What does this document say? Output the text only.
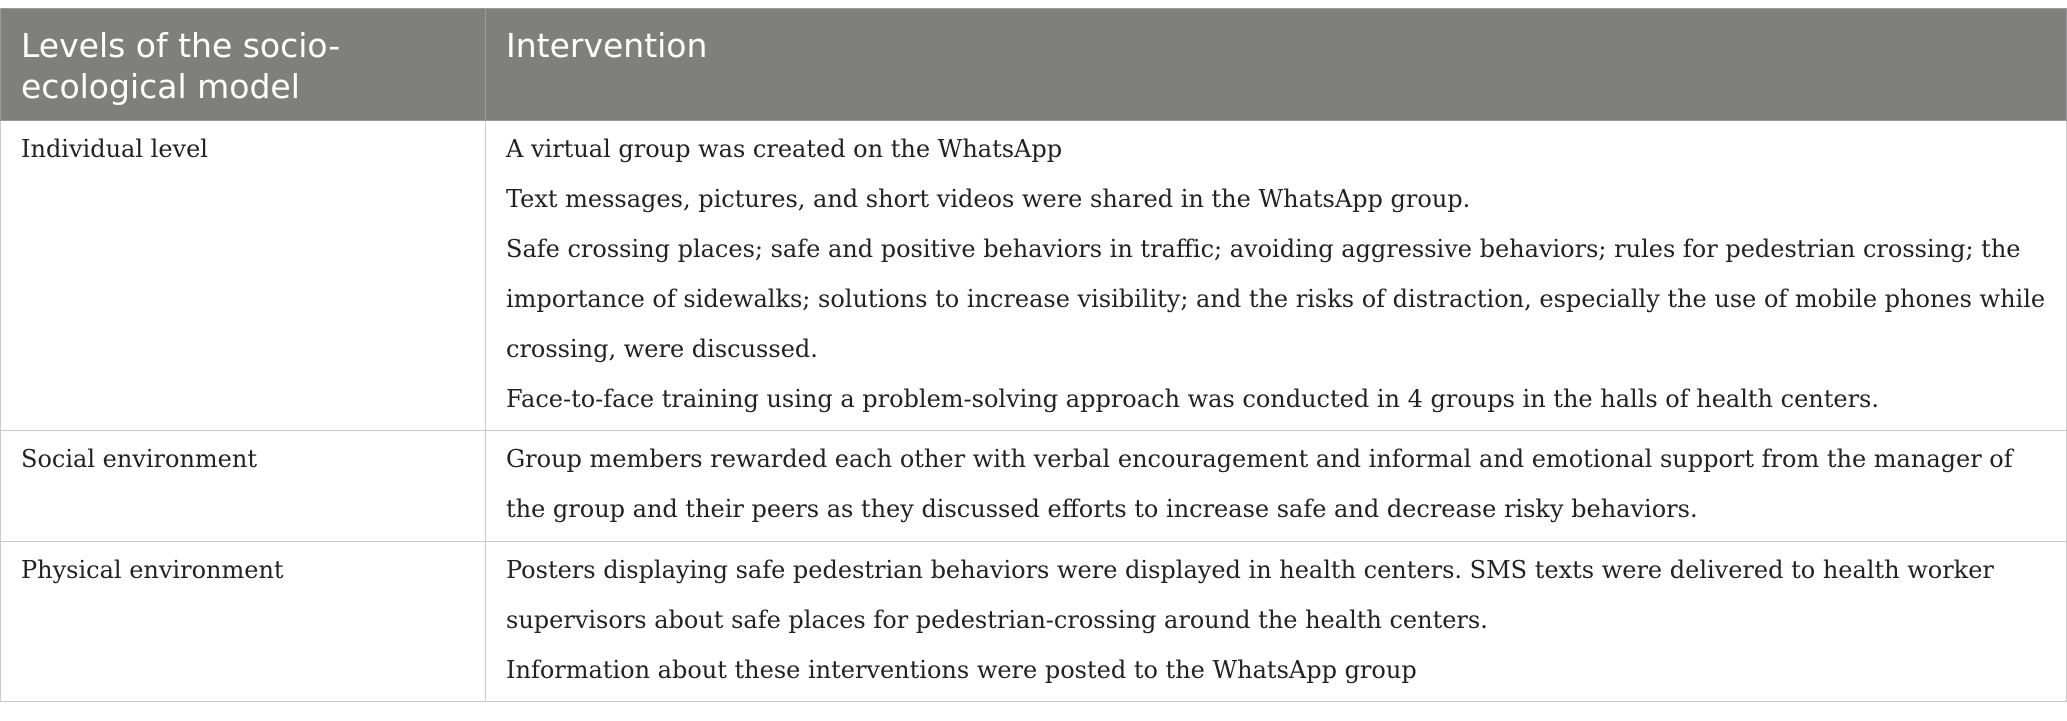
Levels of the socio-ecological model	Intervention
Individual level	A virtual group was created on the WhatsApp
Text messages, pictures, and short videos were shared in the WhatsApp group.
Safe crossing places; safe and positive behaviors in traffic; avoiding aggressive behaviors; rules for pedestrian crossing; the importance of sidewalks; solutions to increase visibility; and the risks of distraction, especially the use of mobile phones while crossing, were discussed.
Face-to-face training using a problem-solving approach was conducted in 4 groups in the halls of health centers.

Social environment	Group members rewarded each other with verbal encouragement and informal and emotional support from the manager of the group and their peers as they discussed efforts to increase safe and decrease risky behaviors.

Physical environment	Posters displaying safe pedestrian behaviors were displayed in health centers. SMS texts were delivered to health worker supervisors about safe places for pedestrian-crossing around the health centers.
Information about these interventions were posted to the WhatsApp group
